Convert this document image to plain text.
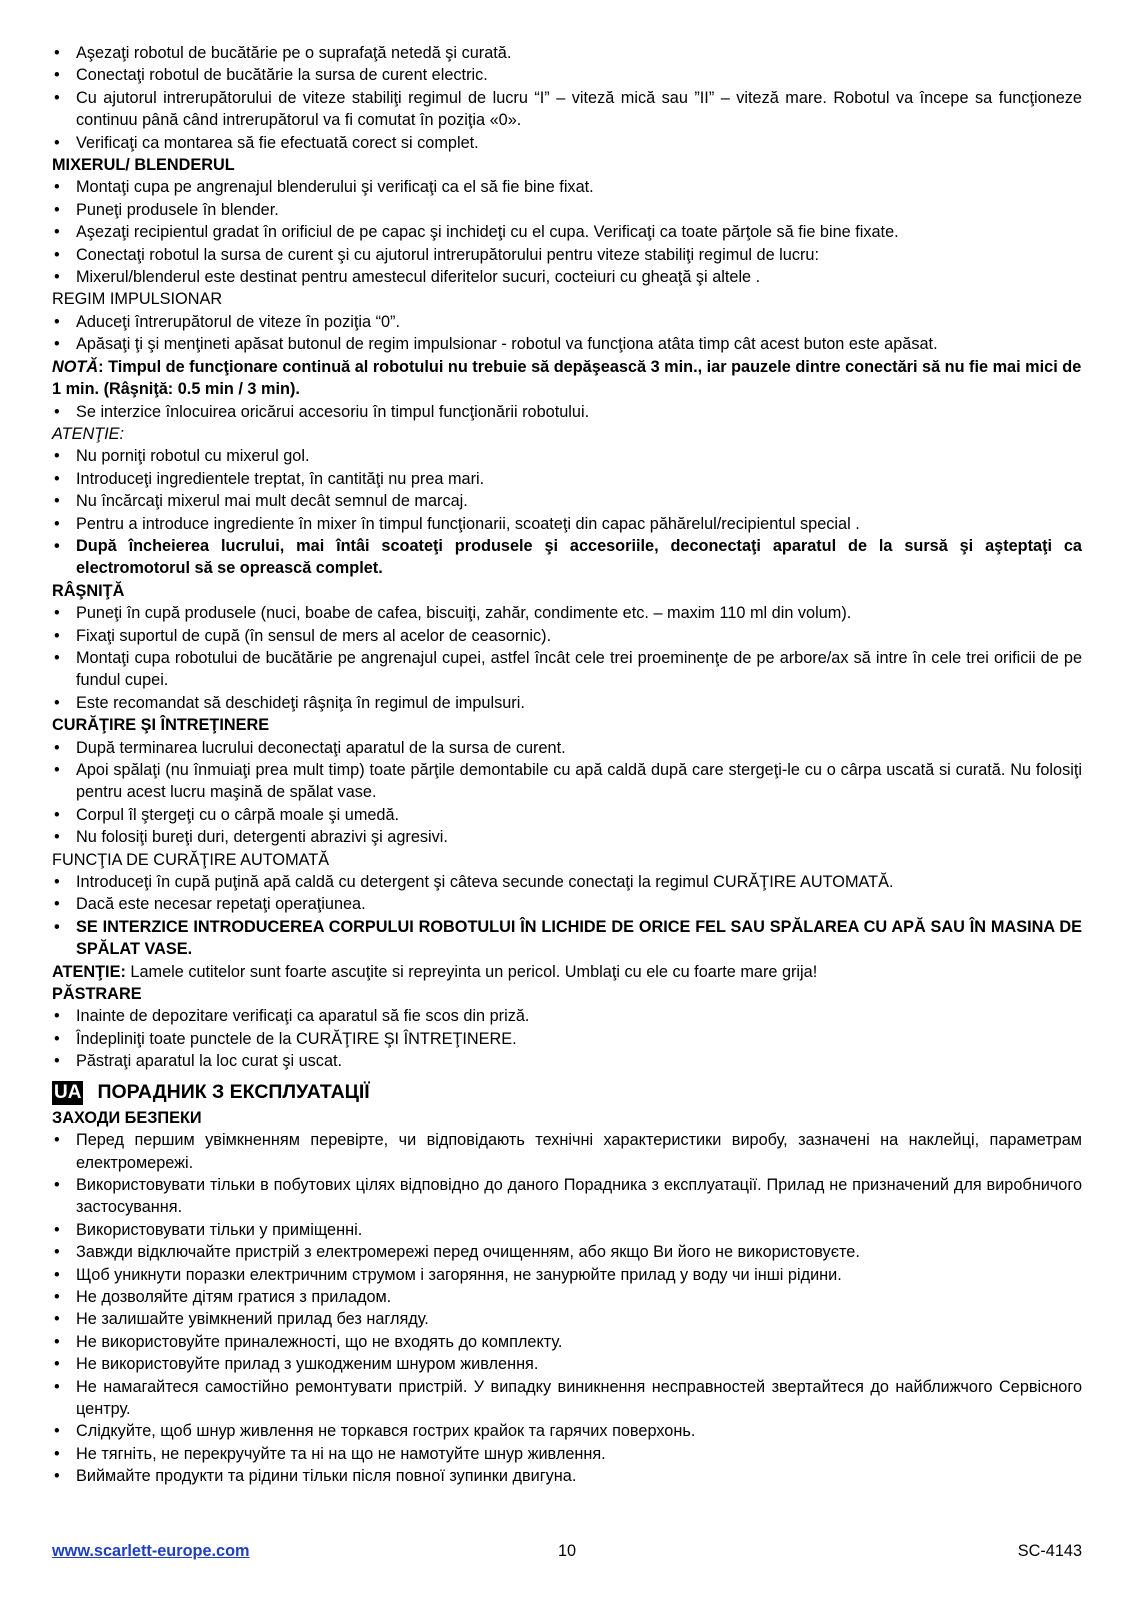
• Aşezaţi robotul de bucătărie pe o suprafaţă netedă şi curată.
• Conectaţi robotul de bucătărie la sursa de curent electric.
• Cu ajutorul intrerupătorului de viteze stabiliţi regimul de lucru “I” – viteză mică sau ”II” – viteză mare. Robotul va începe sa funcţioneze continuu până când intrerupătorul va fi comutat în poziţia «0».
• Verificaţi ca montarea să fie efectuată corect si complet.
MIXERUL/ BLENDERUL
• Montaţi cupa pe angrenajul blenderului şi verificaţi ca el să fie bine fixat.
• Puneţi produsele în blender.
• Aşezaţi recipientul gradat în orificiul de pe capac şi inchideţi cu el cupa. Verificaţi ca toate părţole să fie bine fixate.
• Conectaţi robotul la sursa de curent şi cu ajutorul intrerupătorului pentru viteze stabiliţi regimul de lucru:
• Mixerul/blenderul este destinat pentru amestecul diferitelor sucuri, cocteiuri cu gheaţă şi altele .
REGIM IMPULSIONAR
• Aduceţi întrerupătorul de viteze în poziţia “0”.
• Apăsaţi ţi şi menţineti apăsat butonul de regim impulsionar - robotul va funcţiona atâta timp cât acest buton este apăsat.
NOTĂ: Timpul de funcţionare continuă al robotului nu trebuie să depăşească 3 min., iar pauzele dintre conectări să nu fie mai mici de 1 min. (Râşniţă: 0.5 min / 3 min).
• Se interzice înlocuirea oricărui accesoriu în timpul funcţionării robotului.
ATENŢIE:
• Nu porniţi robotul cu mixerul gol.
• Introduceţi ingredientele treptat, în cantităţi nu prea mari.
• Nu încărcaţi mixerul mai mult decât semnul de marcaj.
• Pentru a introduce ingrediente în mixer în timpul funcţionarii, scoateţi din capac păhărelul/recipientul special .
• După încheierea lucrului, mai întâi scoateţi produsele şi accesoriile, deconectaţi aparatul de la sursă şi aşteptaţi ca electromotorul să se oprească complet.
RÂŞNIŢĂ
• Puneţi în cupă produsele (nuci, boabe de cafea, biscuiţi, zahăr, condimente etc. – maxim 110 ml din volum).
• Fixaţi suportul de cupă (în sensul de mers al acelor de ceasornic).
• Montaţi cupa robotului de bucătărie pe angrenajul cupei, astfel încât cele trei proeminenţe de pe arbore/ax să intre în cele trei orificii de pe fundul cupei.
• Este recomandat să deschideţi râşniţa în regimul de impulsuri.
CURĂŢIRE ŞI ÎNTREŢINERE
• După terminarea lucrului deconectaţi aparatul de la sursa de curent.
• Apoi spălaţi (nu înmuiaţi prea mult timp) toate părţile demontabile cu apă caldă după care stergeţi-le cu o cârpa uscată si curată. Nu folosiţi pentru acest lucru maşină de spălat vase.
• Corpul îl ştergeţi cu o cârpă moale şi umedă.
• Nu folosiţi bureţi duri, detergenti abrazivi şi agresivi.
FUNCŢIA DE CURĂŢIRE AUTOMATĂ
• Introduceţi în cupă puţină apă caldă cu detergent şi câteva secunde conectaţi la regimul CURĂŢIRE AUTOMATĂ.
• Dacă este necesar repetaţi operaţiunea.
• SE INTERZICE INTRODUCEREA CORPULUI ROBOTULUI ÎN LICHIDE DE ORICE FEL SAU SPĂLAREA CU APĂ SAU ÎN MASINA DE SPĂLAT VASE.
ATENŢIE: Lamele cutitelor sunt foarte ascuţite si repreyinta un pericol. Umblaţi cu ele cu foarte mare grija!
PĂSTRARE
• Inainte de depozitare verificaţi ca aparatul să fie scos din priză.
• Îndepliniţi toate punctele de la CURĂŢIRE ŞI ÎNTREŢINERE.
• Păstraţi aparatul la loc curat şi uscat.
UA ПОРАДНИК З ЕКСПЛУАТАЦІЇ
ЗАХОДИ БЕЗПЕКИ
• Перед першим увімкненням перевірте, чи відповідають технічні характеристики виробу, зазначені на наклейці, параметрам електромережі.
• Використовувати тільки в побутових цілях відповідно до даного Порадника з експлуатації. Прилад не призначений для виробничого застосування.
• Використовувати тільки у приміщенні.
• Завжди відключайте пристрій з електромережі перед очищенням, або якщо Ви його не використовуєте.
• Щоб уникнути поразки електричним струмом і загоряння, не занурюйте прилад у воду чи інші рідини.
• Не дозволяйте дітям гратися з приладом.
• Не залишайте увімкнений прилад без нагляду.
• Не використовуйте приналежності, що не входять до комплекту.
• Не використовуйте прилад з ушкодженим шнуром живлення.
• Не намагайтеся самостійно ремонтувати пристрій. У випадку виникнення несправностей звертайтеся до найближчого Сервісного центру.
• Слідкуйте, щоб шнур живлення не торкався гострих крайок та гарячих поверхонь.
• Не тягніть, не перекручуйте та ні на що не намотуйте шнур живлення.
• Виймайте продукти та рідини тільки після повної зупинки двигуна.
www.scarlett-europe.com	10	SC-4143
